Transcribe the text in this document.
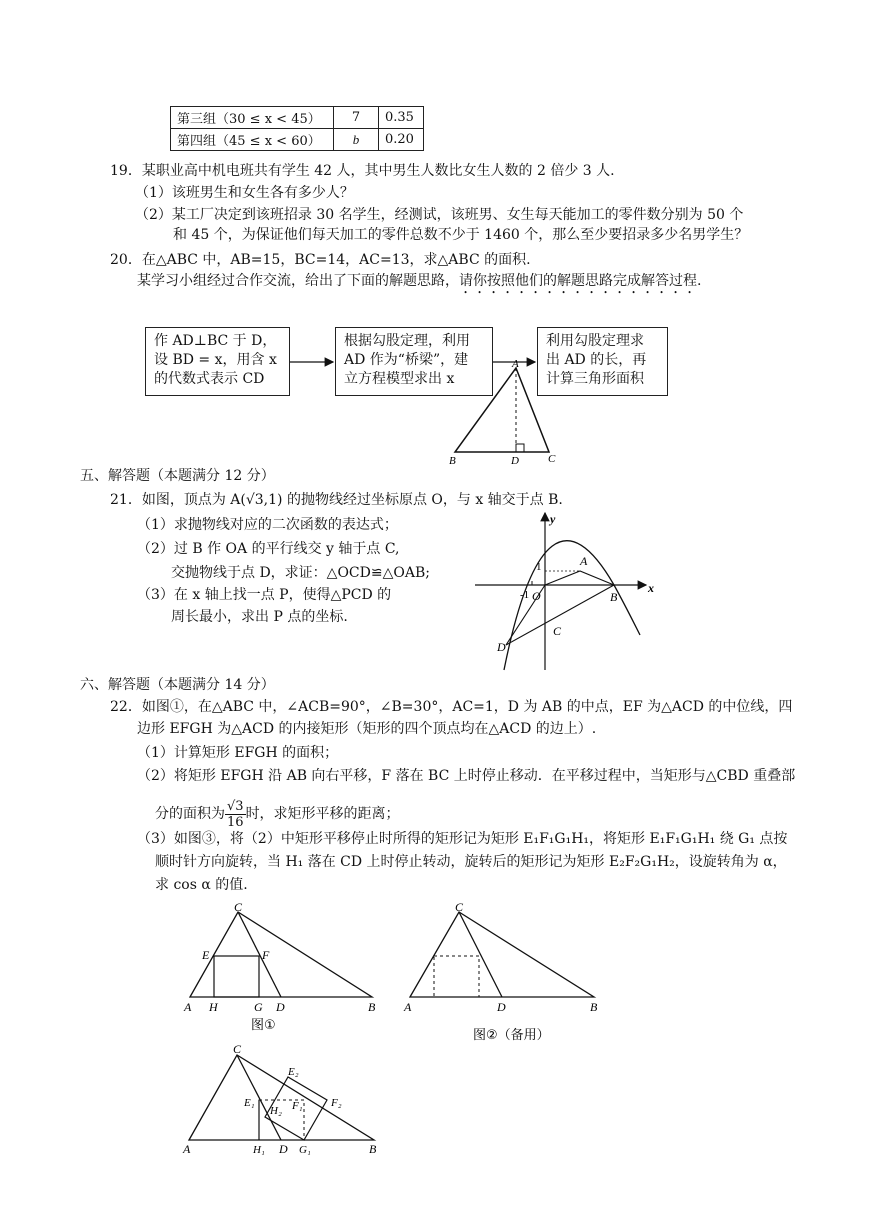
第三组（30 ≤ x < 45）	7	0.35
第四组（45 ≤ x < 60）	b	0.20
19．某职业高中机电班共有学生 42 人，其中男生人数比女生人数的 2 倍少 3 人.
（1）该班男生和女生各有多少人？
（2）某工厂决定到该班招录 30 名学生，经测试，该班男、女生每天能加工的零件数分别为 50 个
和 45 个，为保证他们每天加工的零件总数不少于 1460 个，那么至少要招录多少名男学生？
20．在△ABC 中，AB=15，BC=14，AC=13，求△ABC 的面积.
某学习小组经过合作交流，给出了下面的解题思路，请你按照他们的解题思路完成解答过程.
作 AD⊥BC 于 D，
设 BD = x，用含 x
的代数式表示 CD
根据勾股定理，利用
AD 作为“桥梁”，建
立方程模型求出 x
利用勾股定理求
出 AD 的长，再
计算三角形面积
A
B	D	C
五、解答题（本题满分 12 分）
21．如图，顶点为 A(√3,1) 的抛物线经过坐标原点 O，与 x 轴交于点 B.
（1）求抛物线对应的二次函数的表达式；
（2）过 B 作 OA 的平行线交 y 轴于点 C,
交抛物线于点 D，求证：△OCD≌△OAB;
（3）在 x 轴上找一点 P，使得△PCD 的
周长最小，求出 P 点的坐标.
y
x
1
-1
A
O	B
C
D
六、解答题（本题满分 14 分）
22．如图①，在△ABC 中，∠ACB=90°，∠B=30°，AC=1，D 为 AB 的中点，EF 为△ACD 的中位线，四
边形 EFGH 为△ACD 的内接矩形（矩形的四个顶点均在△ACD 的边上）.
（1）计算矩形 EFGH 的面积；
（2）将矩形 EFGH 沿 AB 向右平移，F 落在 BC 上时停止移动．在平移过程中，当矩形与△CBD 重叠部
分的面积为 $\frac{√3}{16}$ 时，求矩形平移的距离；
（3）如图③，将（2）中矩形平移停止时所得的矩形记为矩形 E₁F₁G₁H₁，将矩形 E₁F₁G₁H₁ 绕 G₁ 点按
顺时针方向旋转，当 H₁ 落在 CD 上时停止转动，旋转后的矩形记为矩形 E₂F₂G₁H₂，设旋转角为 α，
求 cos α 的值.
C
E	F
A H	G D	B
图①
C
A	D	B
图②（备用）
C
E₂
E₁
H₂ F₁	F₂
A	H₁ D G₁	B
